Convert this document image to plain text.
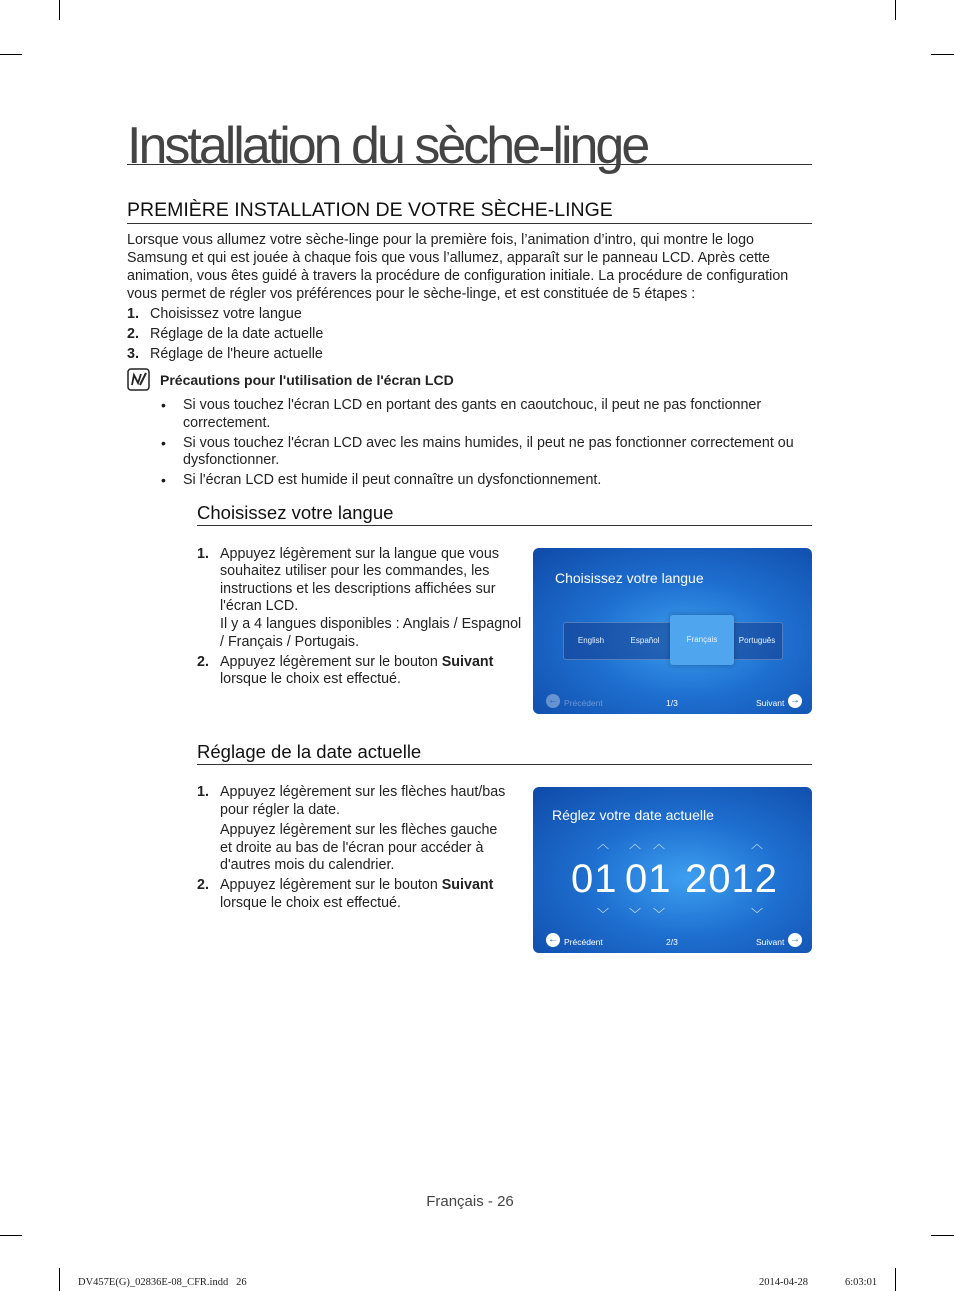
Installation du sèche-linge
PREMIÈRE INSTALLATION DE VOTRE SÈCHE-LINGE
Lorsque vous allumez votre sèche-linge pour la première fois, l’animation d’intro, qui montre le logo
Samsung et qui est jouée à chaque fois que vous l’allumez, apparaît sur le panneau LCD. Après cette
animation, vous êtes guidé à travers la procédure de configuration initiale. La procédure de configuration
vous permet de régler vos préférences pour le sèche-linge, et est constituée de 5 étapes :
1. Choisissez votre langue
2. Réglage de la date actuelle
3. Réglage de l'heure actuelle
Précautions pour l'utilisation de l'écran LCD
• Si vous touchez l'écran LCD en portant des gants en caoutchouc, il peut ne pas fonctionner
correctement.
• Si vous touchez l'écran LCD avec les mains humides, il peut ne pas fonctionner correctement ou
dysfonctionner.
• Si l'écran LCD est humide il peut connaître un dysfonctionnement.
Choisissez votre langue
1. Appuyez légèrement sur la langue que vous
souhaitez utiliser pour les commandes, les
instructions et les descriptions affichées sur
l'écran LCD.
Il y a 4 langues disponibles : Anglais / Espagnol
/ Français / Portugais.
2. Appuyez légèrement sur le bouton Suivant
lorsque le choix est effectué.
Choisissez votre langue
English	Español	Français	Português
← Précédent	1/3	Suivant →
Réglage de la date actuelle
1. Appuyez légèrement sur les flèches haut/bas
pour régler la date.
Appuyez légèrement sur les flèches gauche
et droite au bas de l'écran pour accéder à
d'autres mois du calendrier.
2. Appuyez légèrement sur le bouton Suivant
lorsque le choix est effectué.
Réglez votre date actuelle
︿ ︿ ︿	︿
01 01 2012
﹀ ﹀ ﹀	﹀
← Précédent	2/3	Suivant →
Français - 26
DV457E(G)_02836E-08_CFR.indd   26	2014-04-28	6:03:01
